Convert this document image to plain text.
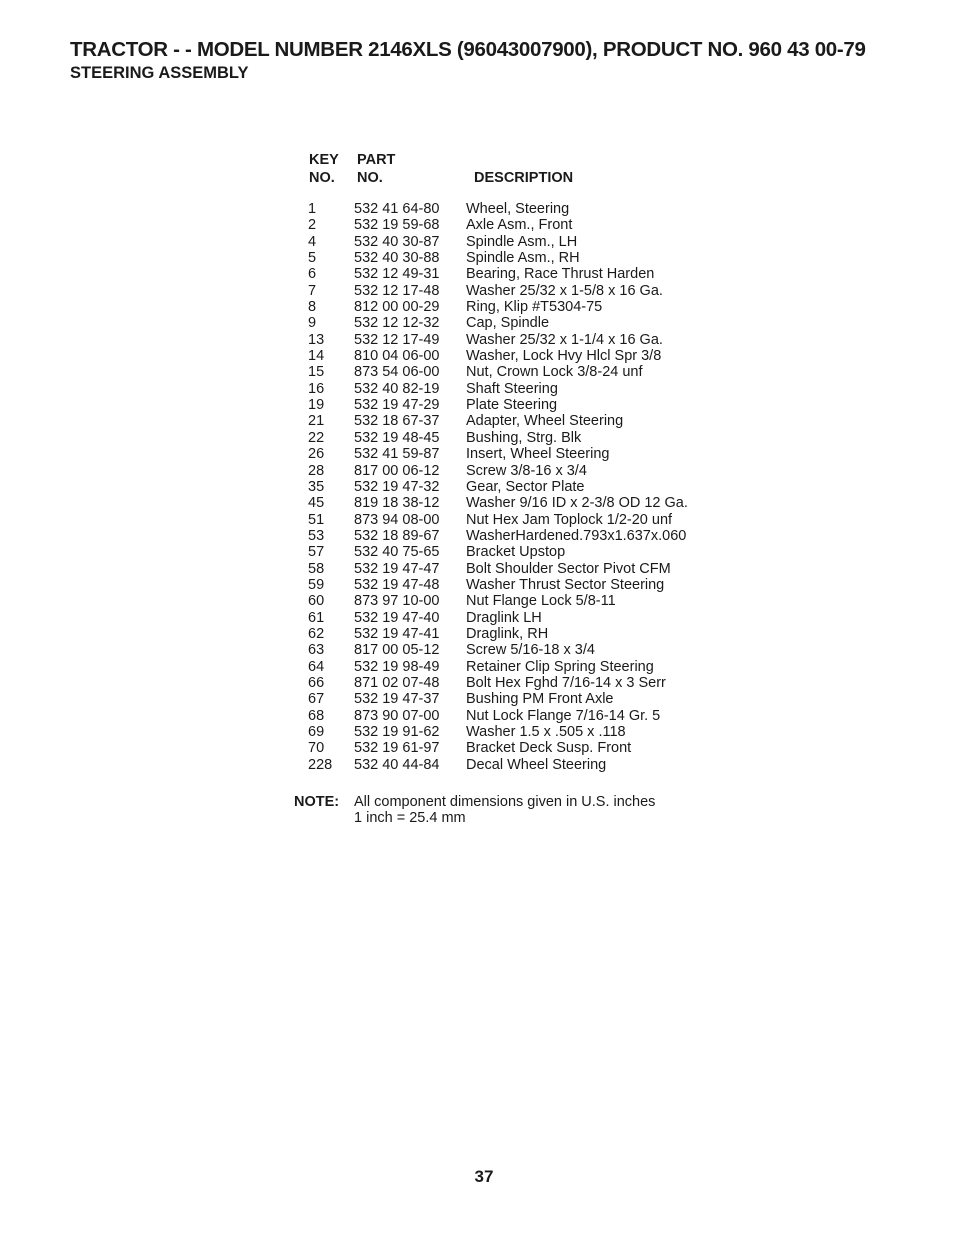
TRACTOR - - MODEL NUMBER 2146XLS (96043007900), PRODUCT NO. 960 43 00-79
STEERING ASSEMBLY
KEY
NO.
PART
NO.	DESCRIPTION
1	532 41 64-80 Wheel, Steering
2	532 19 59-68 Axle Asm., Front
4	532 40 30-87 Spindle Asm., LH
5	532 40 30-88 Spindle Asm., RH
6	532 12 49-31 Bearing, Race Thrust Harden
7	532 12 17-48 Washer 25/32 x 1-5/8 x 16 Ga.
8	812 00 00-29 Ring, Klip #T5304-75
9	532 12 12-32 Cap, Spindle
13 532 12 17-49 Washer 25/32 x 1-1/4 x 16 Ga.
14 810 04 06-00 Washer, Lock Hvy Hlcl Spr 3/8
15 873 54 06-00 Nut, Crown Lock 3/8-24 unf
16 532 40 82-19 Shaft Steering
19 532 19 47-29 Plate Steering
21 532 18 67-37 Adapter, Wheel Steering
22 532 19 48-45 Bushing, Strg. Blk
26 532 41 59-87 Insert, Wheel Steering
28 817 00 06-12 Screw 3/8-16 x 3/4
35 532 19 47-32 Gear, Sector Plate
45 819 18 38-12 Washer 9/16 ID x 2-3/8 OD 12 Ga.
51 873 94 08-00 Nut Hex Jam Toplock 1/2-20 unf
53 532 18 89-67 WasherHardened.793x1.637x.060
57 532 40 75-65 Bracket Upstop
58 532 19 47-47 Bolt Shoulder Sector Pivot CFM
59 532 19 47-48 Washer Thrust Sector Steering
60 873 97 10-00 Nut Flange Lock 5/8-11
61 532 19 47-40 Draglink LH
62 532 19 47-41 Draglink, RH
63 817 00 05-12 Screw 5/16-18 x 3/4
64 532 19 98-49 Retainer Clip Spring Steering
66 871 02 07-48 Bolt Hex Fghd 7/16-14 x 3 Serr
67 532 19 47-37 Bushing PM Front Axle
68 873 90 07-00 Nut Lock Flange 7/16-14 Gr. 5
69 532 19 91-62 Washer 1.5 x .505 x .118
70 532 19 61-97 Bracket Deck Susp. Front
228 532 40 44-84 Decal Wheel Steering
NOTE: All component dimensions given in U.S. inches
1 inch = 25.4 mm
37
